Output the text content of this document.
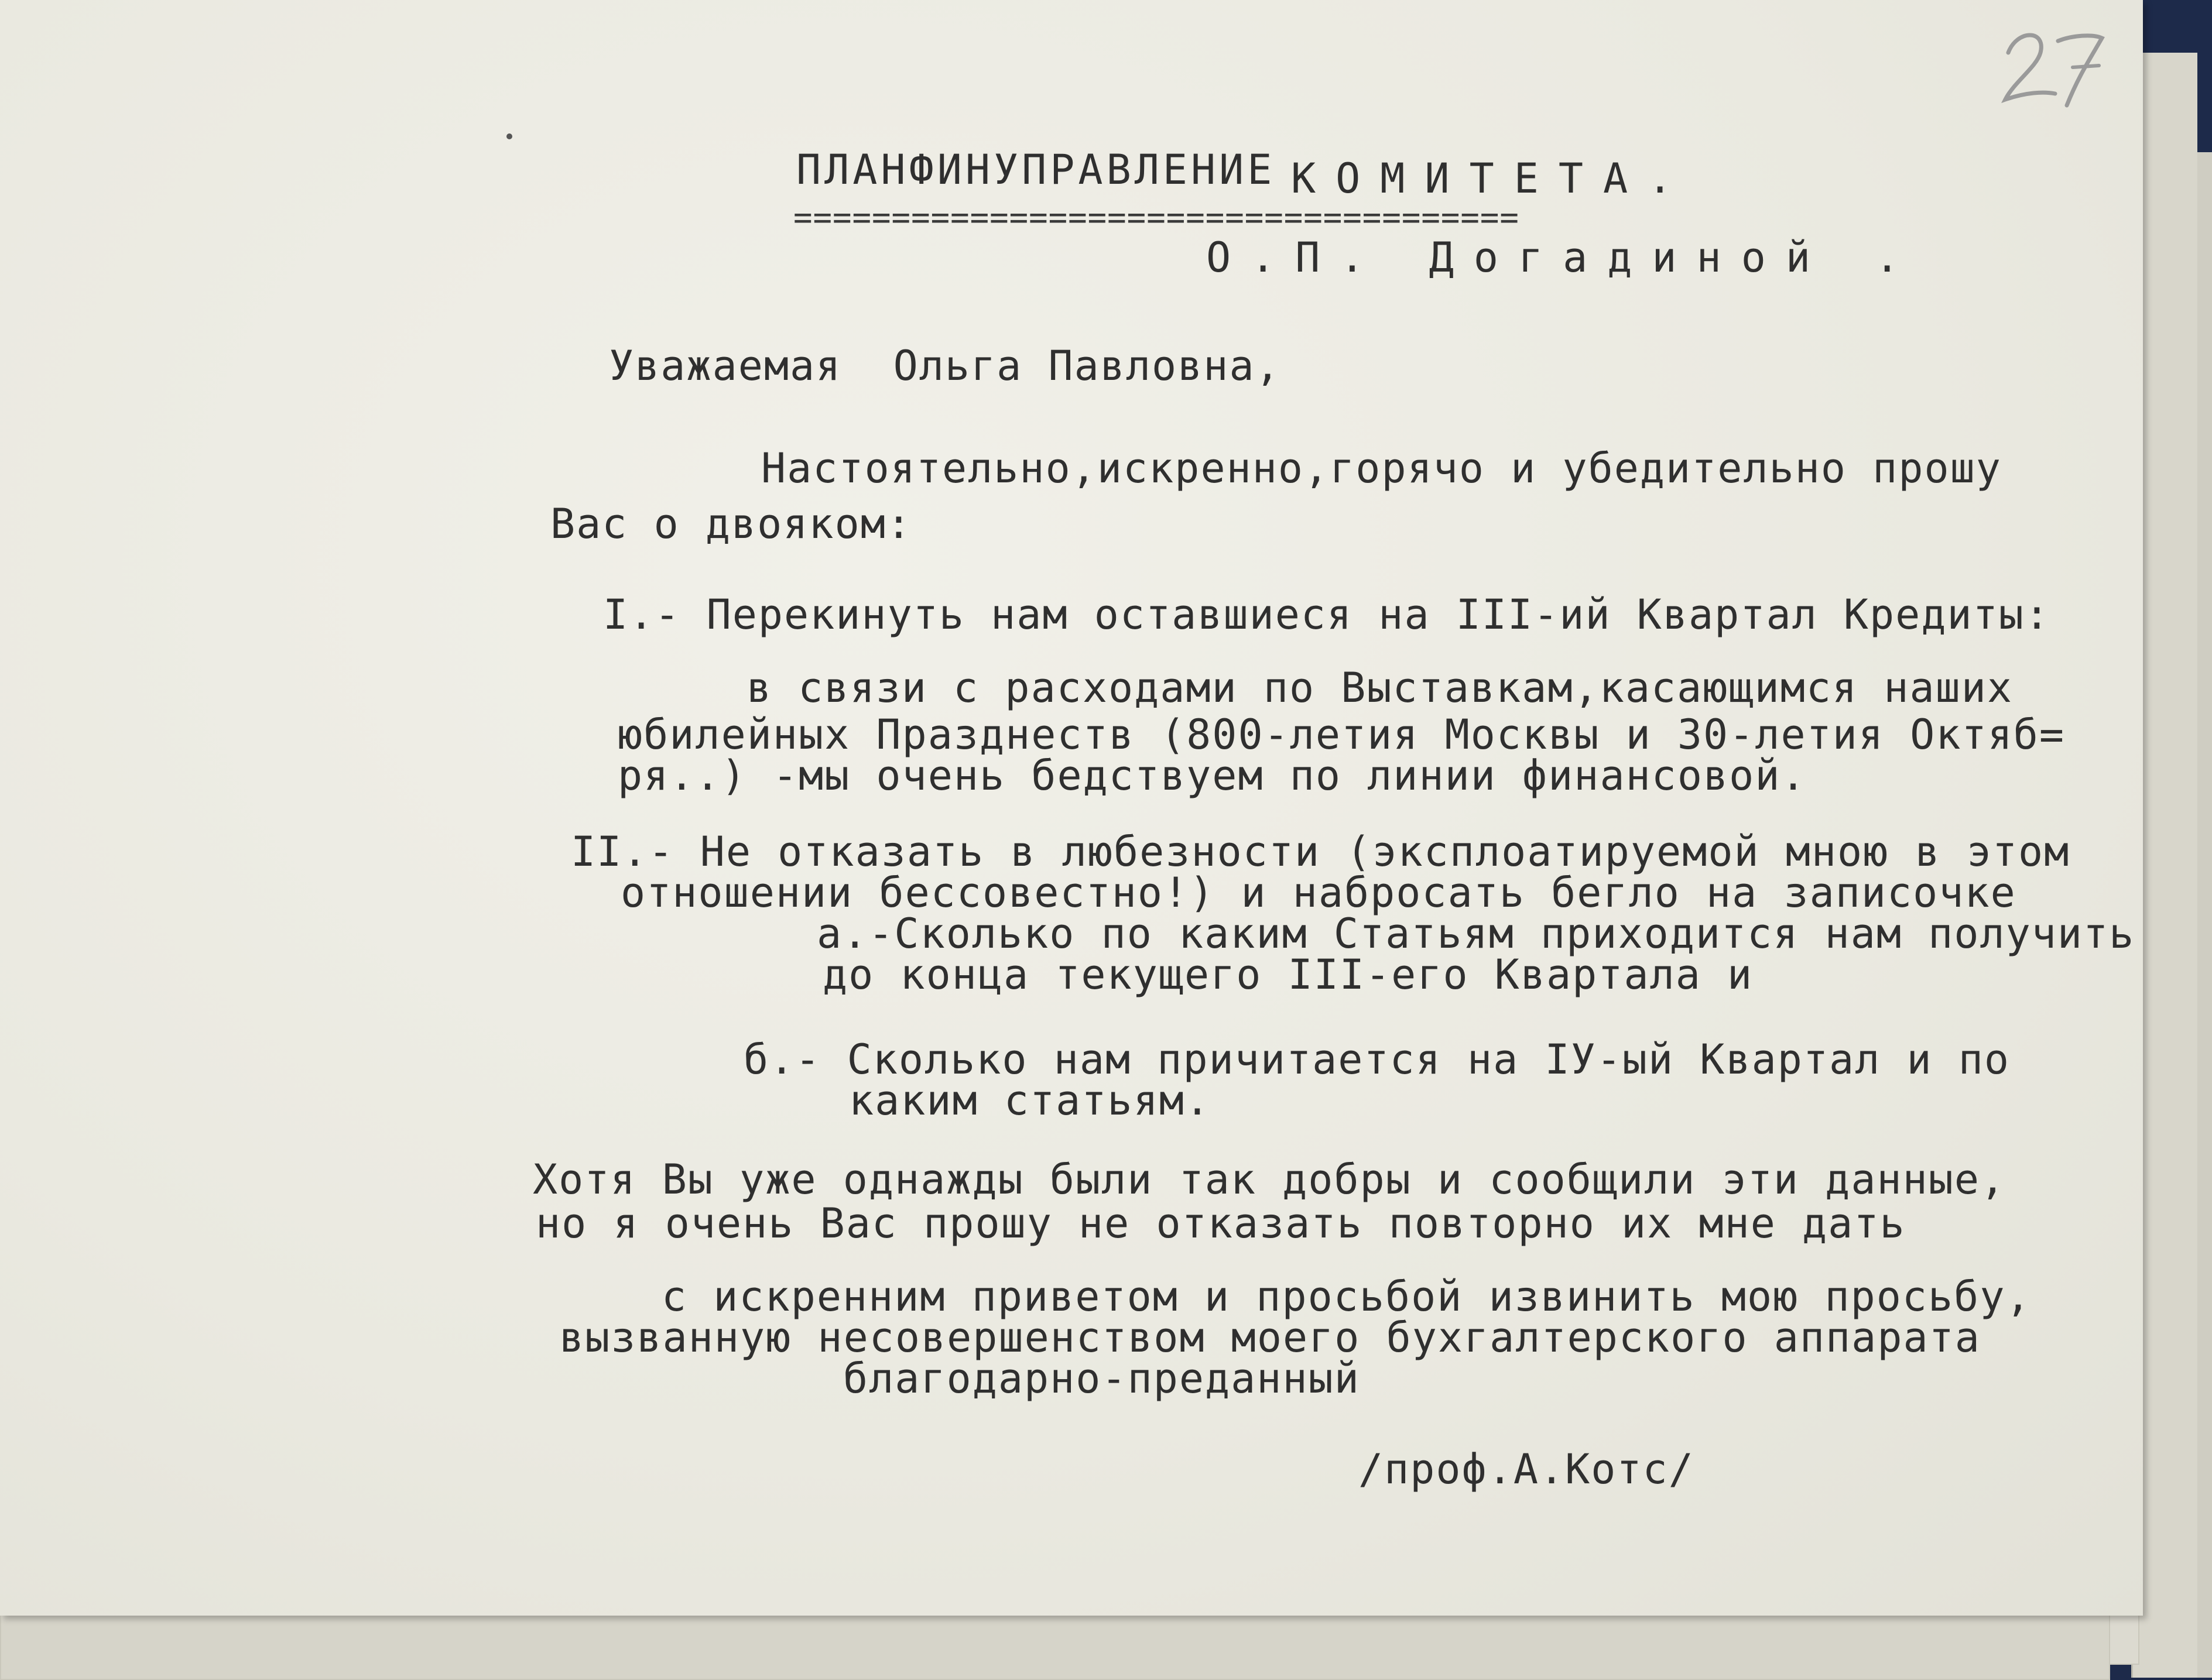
ПЛАНФИНУПРАВЛЕНИЕ КОМИТЕТА.
=====================================
О.П. Догадиной .
Уважаемая  Ольга Павловна,
Настоятельно,искренно,горячо и убедительно прошу
Вас о двояком:
I.- Перекинуть нам оставшиеся на III-ий Квартал Кредиты:
в связи с расходами по Выставкам,касающимся наших
юбилейных Празднеств (800-летия Москвы и 30-летия Октяб=
ря..) -мы очень бедствуем по линии финансовой.
II.- Не отказать в любезности (эксплоатируемой мною в этом
отношении бессовестно!) и набросать бегло на записочке
а.-Сколько по каким Статьям приходится нам получить
до конца текущего III-его Квартала и
б.- Сколько нам причитается на IУ-ый Квартал и по
каким статьям.
Хотя Вы уже однажды были так добры и сообщили эти данные,
но я очень Вас прошу не отказать повторно их мне дать
с искренним приветом и просьбой извинить мою просьбу,
вызванную несовершенством моего бухгалтерского аппарата
благодарно-преданный
/проф.А.Котс/
